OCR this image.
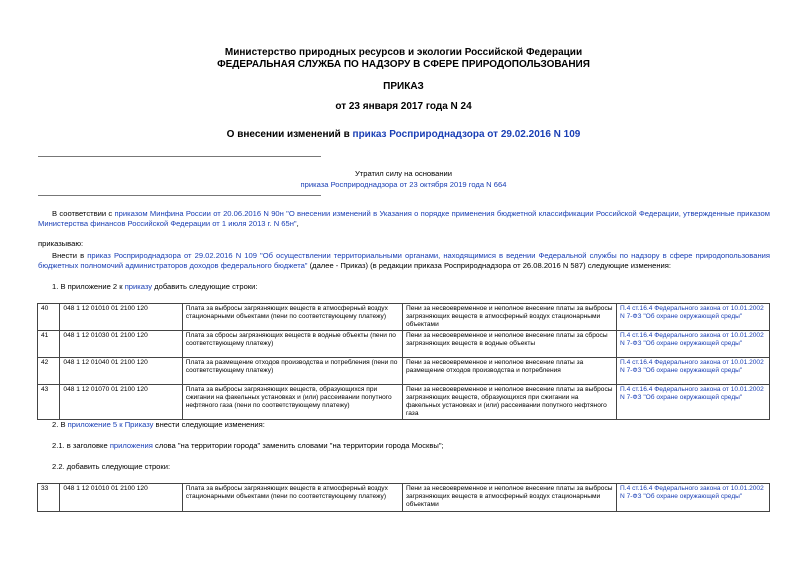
Министерство природных ресурсов и экологии Российской Федерации
ФЕДЕРАЛЬНАЯ СЛУЖБА ПО НАДЗОРУ В СФЕРЕ ПРИРОДОПОЛЬЗОВАНИЯ
ПРИКАЗ
от 23 января 2017 года N 24
О внесении изменений в приказ Росприроднадзора от 29.02.2016 N 109
Утратил силу на основании
приказа Росприроднадзора от 23 октября 2019 года N 664
В соответствии с приказом Минфина России от 20.06.2016 N 90н "О внесении изменений в Указания о порядке применения бюджетной классификации Российской Федерации, утвержденные приказом Министерства финансов Российской Федерации от 1 июля 2013 г. N 65н",
приказываю:
Внести в приказ Росприроднадзора от 29.02.2016 N 109 "Об осуществлении территориальными органами, находящимися в ведении Федеральной службы по надзору в сфере природопользования бюджетных полномочий администраторов доходов федерального бюджета" (далее - Приказ) (в редакции приказа Росприроднадзора от 26.08.2016 N 587) следующие изменения:
1. В приложение 2 к приказу добавить следующие строки:
40	048 1 12 01010 01 2100 120	Плата за выбросы загрязняющих веществ в атмосферный воздух стационарными объектами (пени по соответствующему платежу)	Пени за несвоевременное и неполное внесение платы за выбросы загрязняющих веществ в атмосферный воздух стационарными объектами	П.4 ст.16.4 Федерального закона от 10.01.2002 N 7-ФЗ "Об охране окружающей среды"
41	048 1 12 01030 01 2100 120	Плата за сбросы загрязняющих веществ в водные объекты (пени по соответствующему платежу)	Пени за несвоевременное и неполное внесение платы за сбросы загрязняющих веществ в водные объекты	П.4 ст.16.4 Федерального закона от 10.01.2002 N 7-ФЗ "Об охране окружающей среды"
42	048 1 12 01040 01 2100 120	Плата за размещение отходов производства и потребления (пени по соответствующему платежу)	Пени за несвоевременное и неполное внесение платы за размещение отходов производства и потребления	П.4 ст.16.4 Федерального закона от 10.01.2002 N 7-ФЗ "Об охране окружающей среды"
43	048 1 12 01070 01 2100 120	Плата за выбросы загрязняющих веществ, образующихся при сжигании на факельных установках и (или) рассеивании попутного нефтяного газа (пени по соответствующему платежу)	Пени за несвоевременное и неполное внесение платы за выбросы загрязняющих веществ, образующихся при сжигании на факельных установках и (или) рассеивании попутного нефтяного газа	П.4 ст.16.4 Федерального закона от 10.01.2002 N 7-ФЗ "Об охране окружающей среды"
2. В приложение 5 к Приказу внести следующие изменения:
2.1. в заголовке приложения слова "на территории города" заменить словами "на территории города Москвы";
2.2. добавить следующие строки:
33	048 1 12 01010 01 2100 120	Плата за выбросы загрязняющих веществ в атмосферный воздух стационарными объектами (пени по соответствующему платежу)	Пени за несвоевременное и неполное внесение платы за выбросы загрязняющих веществ в атмосферный воздух стационарными объектами	П.4 ст.16.4 Федерального закона от 10.01.2002 N 7-ФЗ "Об охране окружающей среды"
